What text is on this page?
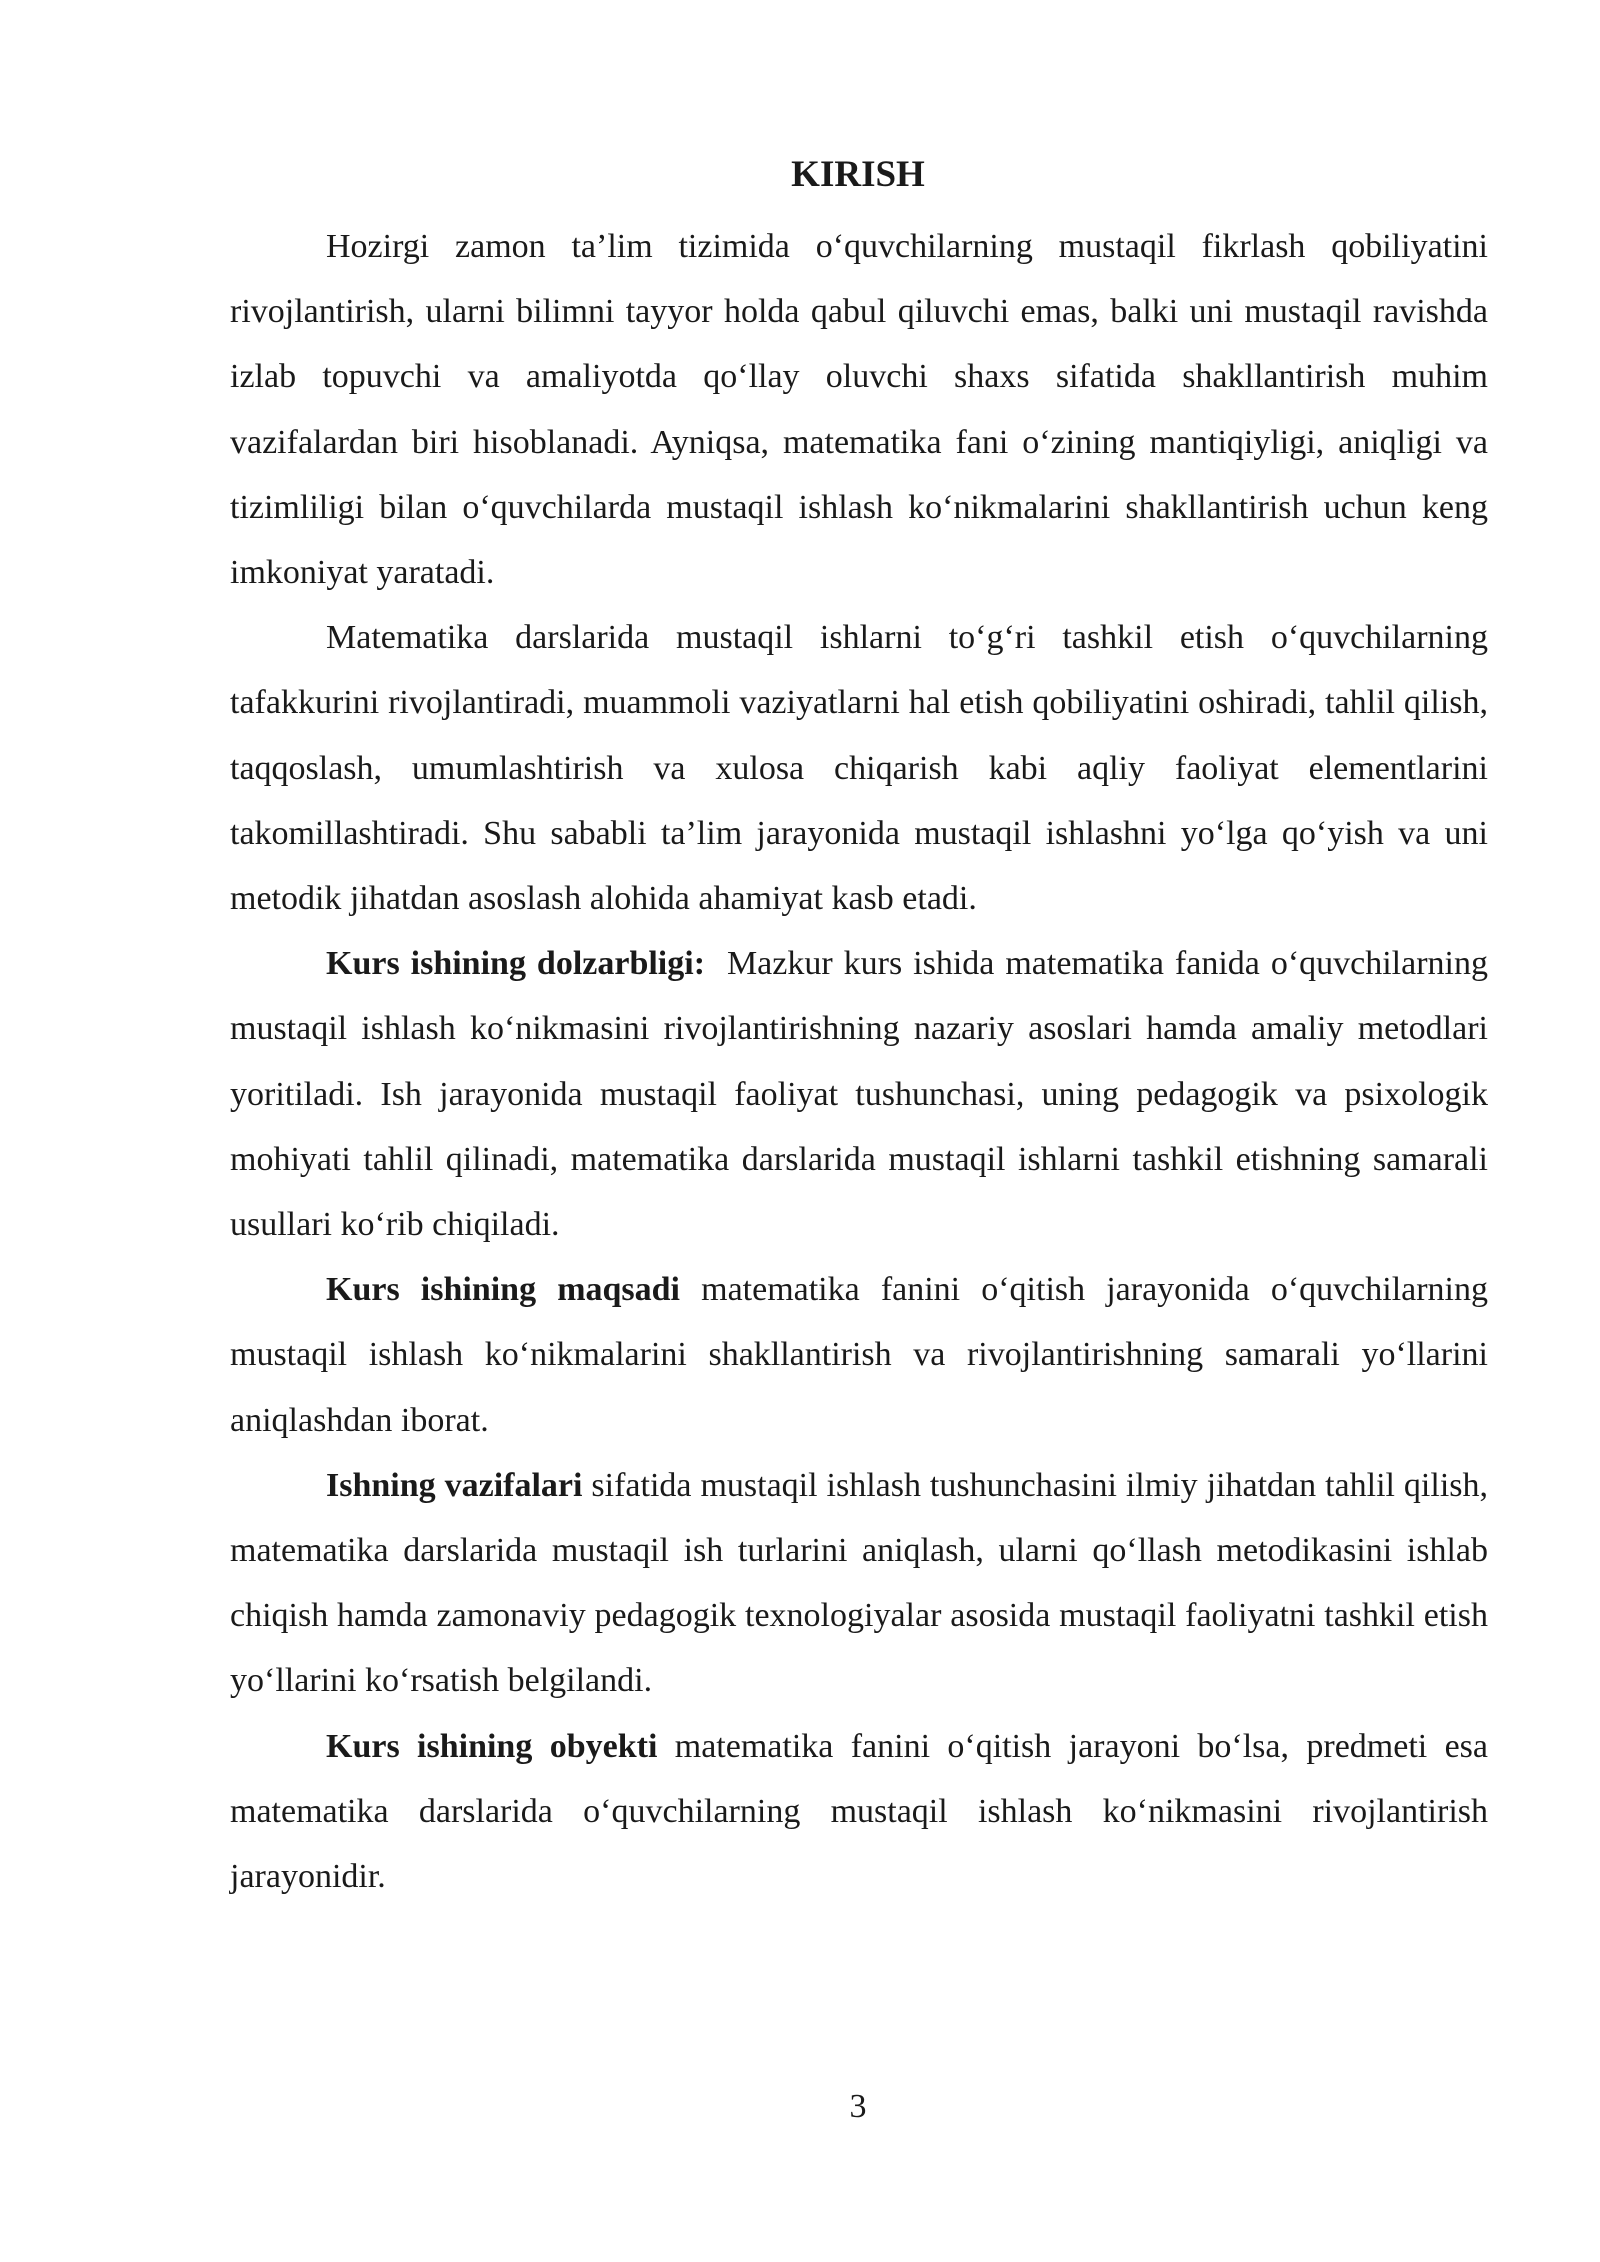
KIRISH

Hozirgi zamon ta’lim tizimida o‘quvchilarning mustaqil fikrlash qobiliyatini rivojlantirish, ularni bilimni tayyor holda qabul qiluvchi emas, balki uni mustaqil ravishda izlab topuvchi va amaliyotda qo‘llay oluvchi shaxs sifatida shakllantirish muhim vazifalardan biri hisoblanadi. Ayniqsa, matematika fani o‘zining mantiqiyligi, aniqligi va tizimliligi bilan o‘quvchilarda mustaqil ishlash ko‘nikmalarini shakllantirish uchun keng imkoniyat yaratadi.

Matematika darslarida mustaqil ishlarni to‘g‘ri tashkil etish o‘quvchilarning tafakkurini rivojlantiradi, muammoli vaziyatlarni hal etish qobiliyatini oshiradi, tahlil qilish, taqqoslash, umumlashtirish va xulosa chiqarish kabi aqliy faoliyat elementlarini takomillashtiradi. Shu sababli ta’lim jarayonida mustaqil ishlashni yo‘lga qo‘yish va uni metodik jihatdan asoslash alohida ahamiyat kasb etadi.

Kurs ishining dolzarbligi:  Mazkur kurs ishida matematika fanida o‘quvchilarning mustaqil ishlash ko‘nikmasini rivojlantirishning nazariy asoslari hamda amaliy metodlari yoritiladi. Ish jarayonida mustaqil faoliyat tushunchasi, uning pedagogik va psixologik mohiyati tahlil qilinadi, matematika darslarida mustaqil ishlarni tashkil etishning samarali usullari ko‘rib chiqiladi.

Kurs ishining maqsadi matematika fanini o‘qitish jarayonida o‘quvchilarning mustaqil ishlash ko‘nikmalarini shakllantirish va rivojlantirishning samarali yo‘llarini aniqlashdan iborat.

Ishning vazifalari sifatida mustaqil ishlash tushunchasini ilmiy jihatdan tahlil qilish, matematika darslarida mustaqil ish turlarini aniqlash, ularni qo‘llash metodikasini ishlab chiqish hamda zamonaviy pedagogik texnologiyalar asosida mustaqil faoliyatni tashkil etish yo‘llarini ko‘rsatish belgilandi.

Kurs ishining obyekti matematika fanini o‘qitish jarayoni bo‘lsa, predmeti esa matematika darslarida o‘quvchilarning mustaqil ishlash ko‘nikmasini rivojlantirish jarayonidir.

3
